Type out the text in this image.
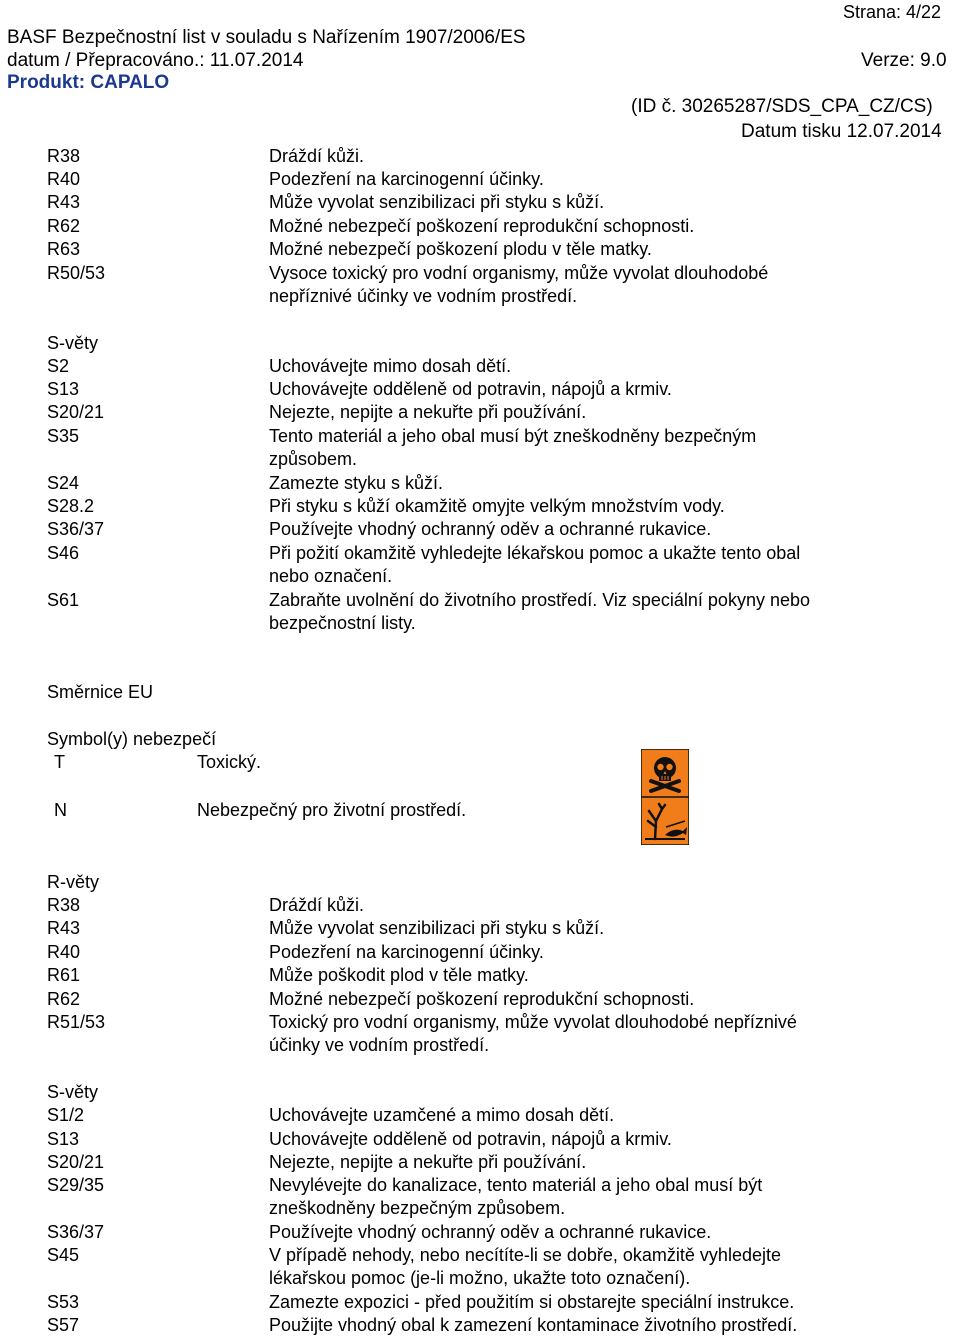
Strana: 4/22
BASF Bezpečnostní list v souladu s Nařízením 1907/2006/ES
datum / Přepracováno.: 11.07.2014	Verze: 9.0
Produkt: CAPALO
(ID č. 30265287/SDS_CPA_CZ/CS)
Datum tisku 12.07.2014
R38	Dráždí kůži.
R40	Podezření na karcinogenní účinky.
R43	Může vyvolat senzibilizaci při styku s kůží.
R62	Možné nebezpečí poškození reprodukční schopnosti.
R63	Možné nebezpečí poškození plodu v těle matky.
R50/53	Vysoce toxický pro vodní organismy, může vyvolat dlouhodobé
nepříznivé účinky ve vodním prostředí.
S-věty
S2	Uchovávejte mimo dosah dětí.
S13	Uchovávejte odděleně od potravin, nápojů a krmiv.
S20/21	Nejezte, nepijte a nekuřte při používání.
S35	Tento materiál a jeho obal musí být zneškodněny bezpečným
způsobem.
S24	Zamezte styku s kůží.
S28.2	Při styku s kůží okamžitě omyjte velkým množstvím vody.
S36/37	Používejte vhodný ochranný oděv a ochranné rukavice.
S46	Při požití okamžitě vyhledejte lékařskou pomoc a ukažte tento obal
nebo označení.
S61	Zabraňte uvolnění do životního prostředí. Viz speciální pokyny nebo
bezpečnostní listy.
Směrnice EU
Symbol(y) nebezpečí
T	Toxický.
N	Nebezpečný pro životní prostředí.
R-věty
R38	Dráždí kůži.
R43	Může vyvolat senzibilizaci při styku s kůží.
R40	Podezření na karcinogenní účinky.
R61	Může poškodit plod v těle matky.
R62	Možné nebezpečí poškození reprodukční schopnosti.
R51/53	Toxický pro vodní organismy, může vyvolat dlouhodobé nepříznivé
účinky ve vodním prostředí.
S-věty
S1/2	Uchovávejte uzamčené a mimo dosah dětí.
S13	Uchovávejte odděleně od potravin, nápojů a krmiv.
S20/21	Nejezte, nepijte a nekuřte při používání.
S29/35	Nevylévejte do kanalizace, tento materiál a jeho obal musí být
zneškodněny bezpečným způsobem.
S36/37	Používejte vhodný ochranný oděv a ochranné rukavice.
S45	V případě nehody, nebo necítíte-li se dobře, okamžitě vyhledejte
lékařskou pomoc (je-li možno, ukažte toto označení).
S53	Zamezte expozici - před použitím si obstarejte speciální instrukce.
S57	Použijte vhodný obal k zamezení kontaminace životního prostředí.
